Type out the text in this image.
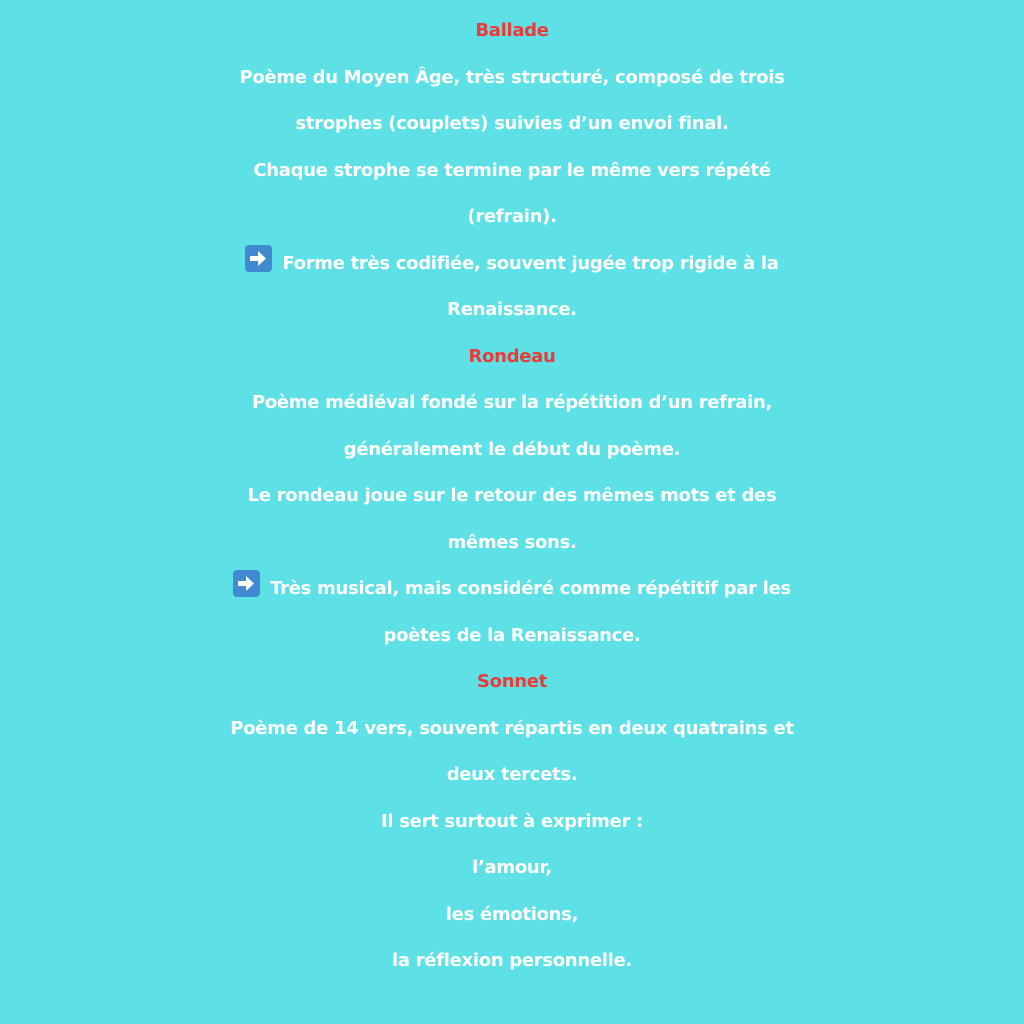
Ballade
Poème du Moyen Âge, très structuré, composé de trois
strophes (couplets) suivies d’un envoi final.
Chaque strophe se termine par le même vers répété
(refrain).
Forme très codifiée, souvent jugée trop rigide à la
Renaissance.
Rondeau
Poème médiéval fondé sur la répétition d’un refrain,
généralement le début du poème.
Le rondeau joue sur le retour des mêmes mots et des
mêmes sons.
Très musical, mais considéré comme répétitif par les
poètes de la Renaissance.
Sonnet
Poème de 14 vers, souvent répartis en deux quatrains et
deux tercets.
Il sert surtout à exprimer :
l’amour,
les émotions,
la réflexion personnelle.
